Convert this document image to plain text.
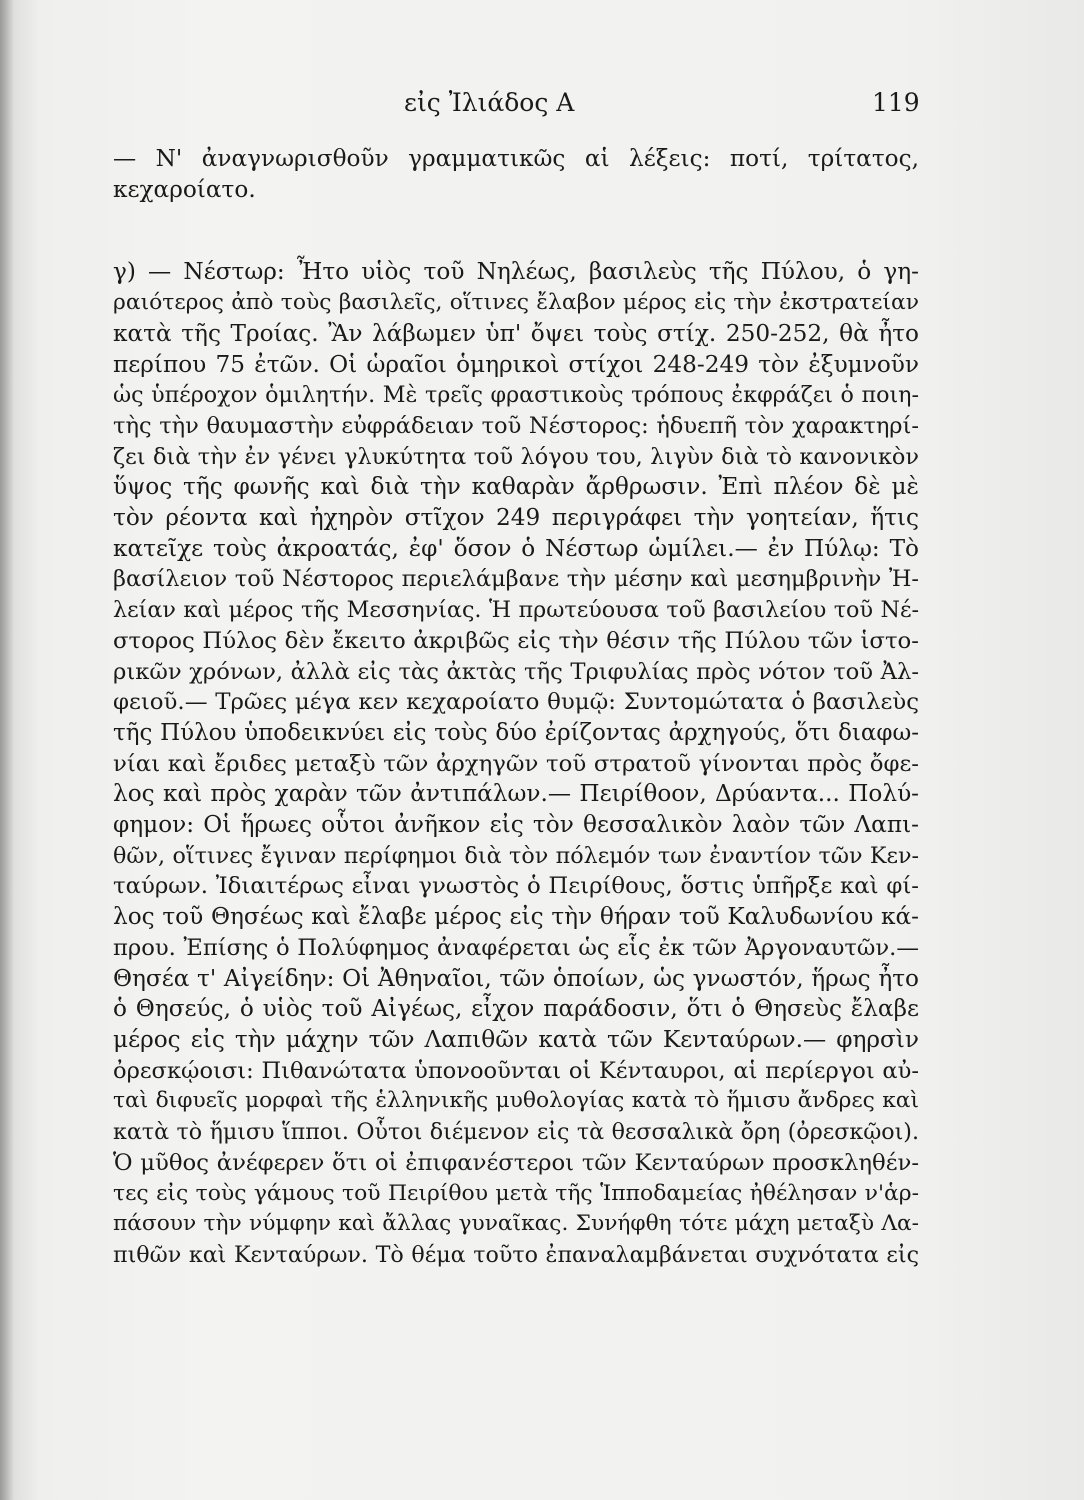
εἰς Ἰλιάδος Α	119
— Ν' ἀναγνωρισθοῦν γραμματικῶς αἱ λέξεις: ποτί, τρίτατος,
κεχαροίατο.
γ) — Νέστωρ: Ἦτο υἱὸς τοῦ Νηλέως, βασιλεὺς τῆς Πύλου, ὁ γη-
ραιότερος ἀπὸ τοὺς βασιλεῖς, οἵτινες ἔλαβον μέρος εἰς τὴν ἐκστρατείαν
κατὰ τῆς Τροίας. Ἂν λάβωμεν ὑπ' ὄψει τοὺς στίχ. 250-252, θὰ ἦτο
περίπου 75 ἐτῶν. Οἱ ὡραῖοι ὁμηρικοὶ στίχοι 248-249 τὸν ἐξυμνοῦν
ὡς ὑπέροχον ὁμιλητήν. Μὲ τρεῖς φραστικοὺς τρόπους ἐκφράζει ὁ ποιη-
τὴς τὴν θαυμαστὴν εὐφράδειαν τοῦ Νέστορος: ἡδυεπῆ τὸν χαρακτηρί-
ζει διὰ τὴν ἐν γένει γλυκύτητα τοῦ λόγου του, λιγὺν διὰ τὸ κανονικὸν
ὕψος τῆς φωνῆς καὶ διὰ τὴν καθαρὰν ἄρθρωσιν. Ἐπὶ πλέον δὲ μὲ
τὸν ρέοντα καὶ ἠχηρὸν στῖχον 249 περιγράφει τὴν γοητείαν, ἥτις
κατεῖχε τοὺς ἀκροατάς, ἐφ' ὅσον ὁ Νέστωρ ὡμίλει.— ἐν Πύλῳ: Τὸ
βασίλειον τοῦ Νέστορος περιελάμβανε τὴν μέσην καὶ μεσημβρινὴν Ἠ-
λείαν καὶ μέρος τῆς Μεσσηνίας. Ἡ πρωτεύουσα τοῦ βασιλείου τοῦ Νέ-
στορος Πύλος δὲν ἔκειτο ἀκριβῶς εἰς τὴν θέσιν τῆς Πύλου τῶν ἱστο-
ρικῶν χρόνων, ἀλλὰ εἰς τὰς ἀκτὰς τῆς Τριφυλίας πρὸς νότον τοῦ Ἀλ-
φειοῦ.— Τρῶες μέγα κεν κεχαροίατο θυμῷ: Συντομώτατα ὁ βασιλεὺς
τῆς Πύλου ὑποδεικνύει εἰς τοὺς δύο ἐρίζοντας ἀρχηγούς, ὅτι διαφω-
νίαι καὶ ἔριδες μεταξὺ τῶν ἀρχηγῶν τοῦ στρατοῦ γίνονται πρὸς ὄφε-
λος καὶ πρὸς χαρὰν τῶν ἀντιπάλων.— Πειρίθοον, Δρύαντα... Πολύ-
φημον: Οἱ ἥρωες οὗτοι ἀνῆκον εἰς τὸν θεσσαλικὸν λαὸν τῶν Λαπι-
θῶν, οἵτινες ἔγιναν περίφημοι διὰ τὸν πόλεμόν των ἐναντίον τῶν Κεν-
ταύρων. Ἰδιαιτέρως εἶναι γνωστὸς ὁ Πειρίθους, ὅστις ὑπῆρξε καὶ φί-
λος τοῦ Θησέως καὶ ἔλαβε μέρος εἰς τὴν θήραν τοῦ Καλυδωνίου κά-
πρου. Ἐπίσης ὁ Πολύφημος ἀναφέρεται ὡς εἷς ἐκ τῶν Ἀργοναυτῶν.—
Θησέα τ' Αἰγείδην: Οἱ Ἀθηναῖοι, τῶν ὁποίων, ὡς γνωστόν, ἥρως ἦτο
ὁ Θησεύς, ὁ υἱὸς τοῦ Αἰγέως, εἶχον παράδοσιν, ὅτι ὁ Θησεὺς ἔλαβε
μέρος εἰς τὴν μάχην τῶν Λαπιθῶν κατὰ τῶν Κενταύρων.— φηρσὶν
ὀρεσκῴοισι: Πιθανώτατα ὑπονοοῦνται οἱ Κένταυροι, αἱ περίεργοι αὐ-
ταὶ διφυεῖς μορφαὶ τῆς ἑλληνικῆς μυθολογίας κατὰ τὸ ἥμισυ ἄνδρες καὶ
κατὰ τὸ ἥμισυ ἵπποι. Οὗτοι διέμενον εἰς τὰ θεσσαλικὰ ὄρη (ὀρεσκῷοι).
Ὁ μῦθος ἀνέφερεν ὅτι οἱ ἐπιφανέστεροι τῶν Κενταύρων προσκληθέν-
τες εἰς τοὺς γάμους τοῦ Πειρίθου μετὰ τῆς Ἱπποδαμείας ἠθέλησαν ν'ἁρ-
πάσουν τὴν νύμφην καὶ ἄλλας γυναῖκας. Συνήφθη τότε μάχη μεταξὺ Λα-
πιθῶν καὶ Κενταύρων. Τὸ θέμα τοῦτο ἐπαναλαμβάνεται συχνότατα εἰς
